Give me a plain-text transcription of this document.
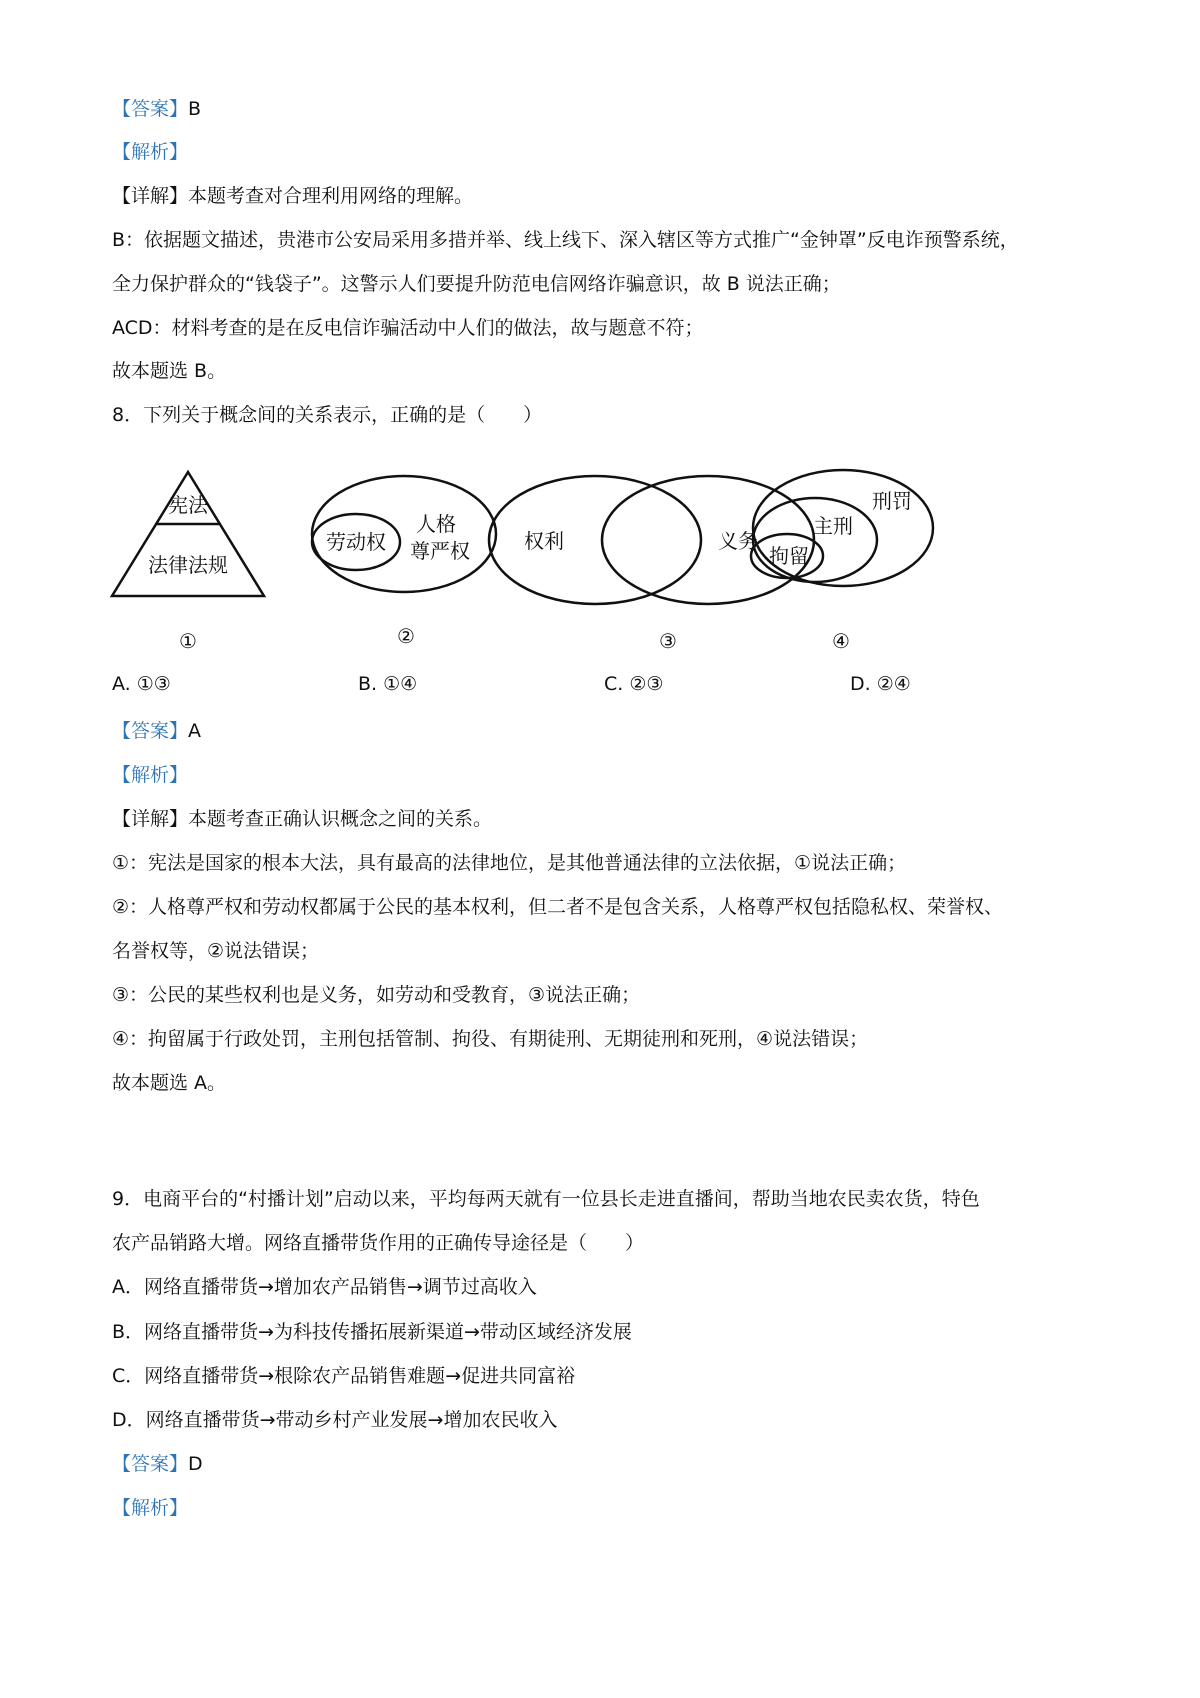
【答案】B
【解析】
【详解】本题考查对合理利用网络的理解。
B：依据题文描述，贵港市公安局采用多措并举、线上线下、深入辖区等方式推广“金钟罩”反电诈预警系统，
全力保护群众的“钱袋子”。这警示人们要提升防范电信网络诈骗意识，故 B 说法正确；
ACD：材料考查的是在反电信诈骗活动中人们的做法，故与题意不符；
故本题选 B。
8．下列关于概念间的关系表示，正确的是（　　）
宪法
法律法规
①
劳动权
人格
尊严权
②
权利	义务
③
刑罚
主刑
拘留
④
A. ①③	B. ①④	C. ②③	D. ②④
【答案】A
【解析】
【详解】本题考查正确认识概念之间的关系。
①：宪法是国家的根本大法，具有最高的法律地位，是其他普通法律的立法依据，①说法正确；
②：人格尊严权和劳动权都属于公民的基本权利，但二者不是包含关系，人格尊严权包括隐私权、荣誉权、
名誉权等，②说法错误；
③：公民的某些权利也是义务，如劳动和受教育，③说法正确；
④：拘留属于行政处罚，主刑包括管制、拘役、有期徒刑、无期徒刑和死刑，④说法错误；
故本题选 A。
9．电商平台的“村播计划”启动以来，平均每两天就有一位县长走进直播间，帮助当地农民卖农货，特色
农产品销路大增。网络直播带货作用的正确传导途径是（　　）
A．网络直播带货→增加农产品销售→调节过高收入
B．网络直播带货→为科技传播拓展新渠道→带动区域经济发展
C．网络直播带货→根除农产品销售难题→促进共同富裕
D．网络直播带货→带动乡村产业发展→增加农民收入
【答案】D
【解析】
